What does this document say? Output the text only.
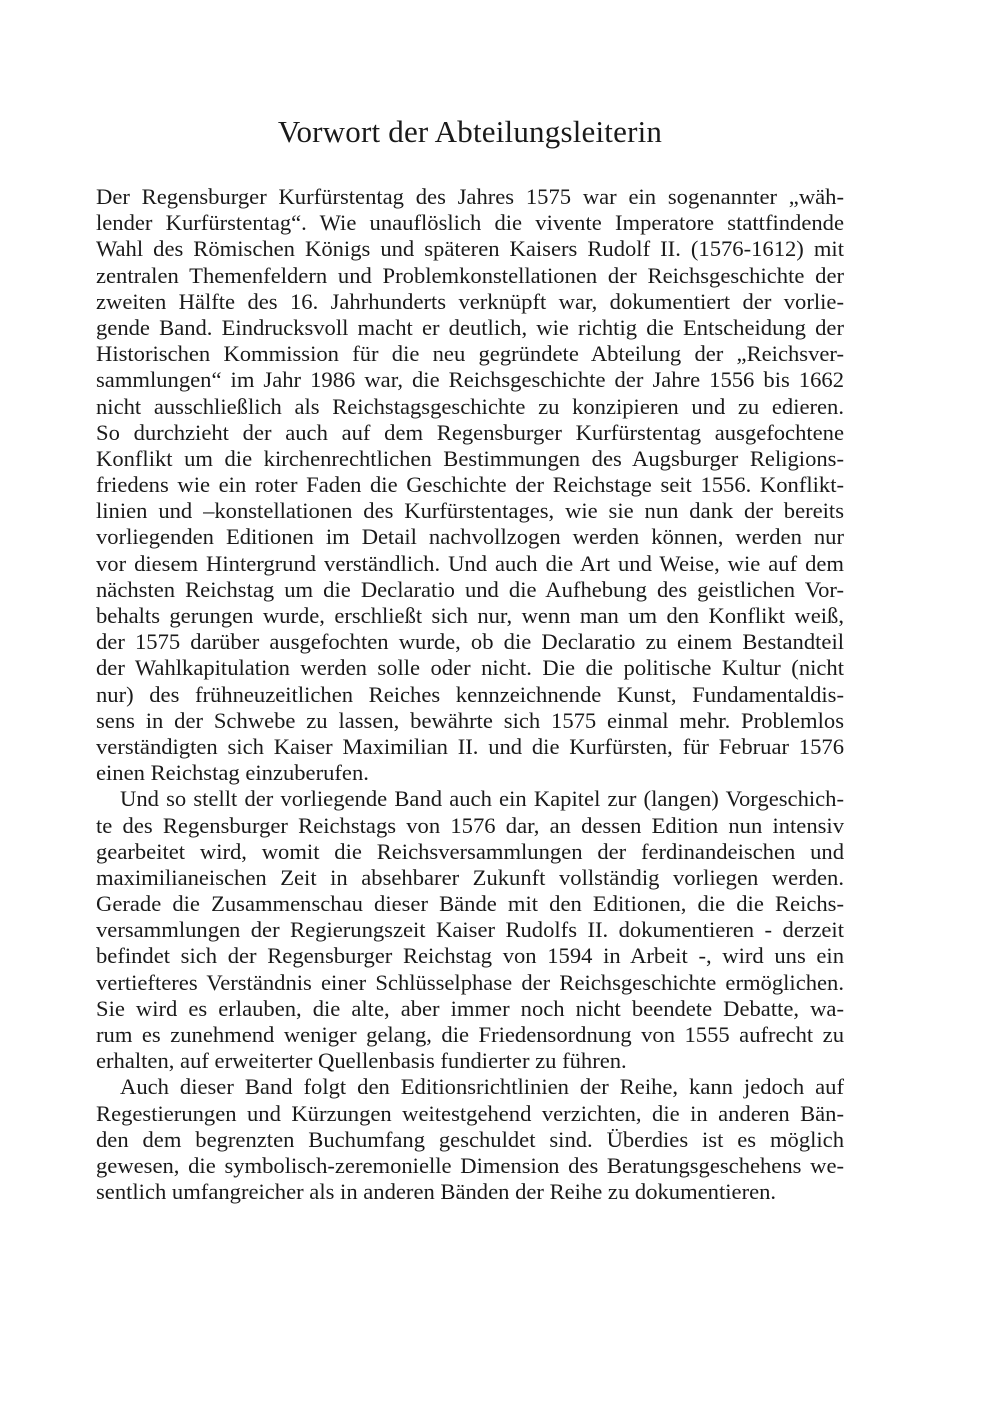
Vorwort der Abteilungsleiterin
Der Regensburger Kurfürstentag des Jahres 1575 war ein sogenannter „wäh-
lender Kurfürstentag“. Wie unauflöslich die vivente Imperatore stattfindende
Wahl des Römischen Königs und späteren Kaisers Rudolf II. (1576-1612) mit
zentralen Themenfeldern und Problemkonstellationen der Reichsgeschichte der
zweiten Hälfte des 16. Jahrhunderts verknüpft war, dokumentiert der vorlie-
gende Band. Eindrucksvoll macht er deutlich, wie richtig die Entscheidung der
Historischen Kommission für die neu gegründete Abteilung der „Reichsver-
sammlungen“ im Jahr 1986 war, die Reichsgeschichte der Jahre 1556 bis 1662
nicht ausschließlich als Reichstagsgeschichte zu konzipieren und zu edieren.
So durchzieht der auch auf dem Regensburger Kurfürstentag ausgefochtene
Konflikt um die kirchenrechtlichen Bestimmungen des Augsburger Religions-
friedens wie ein roter Faden die Geschichte der Reichstage seit 1556. Konflikt-
linien und –konstellationen des Kurfürstentages, wie sie nun dank der bereits
vorliegenden Editionen im Detail nachvollzogen werden können, werden nur
vor diesem Hintergrund verständlich. Und auch die Art und Weise, wie auf dem
nächsten Reichstag um die Declaratio und die Aufhebung des geistlichen Vor-
behalts gerungen wurde, erschließt sich nur, wenn man um den Konflikt weiß,
der 1575 darüber ausgefochten wurde, ob die Declaratio zu einem Bestandteil
der Wahlkapitulation werden solle oder nicht. Die die politische Kultur (nicht
nur) des frühneuzeitlichen Reiches kennzeichnende Kunst, Fundamentaldis-
sens in der Schwebe zu lassen, bewährte sich 1575 einmal mehr. Problemlos
verständigten sich Kaiser Maximilian II. und die Kurfürsten, für Februar 1576
einen Reichstag einzuberufen.
Und so stellt der vorliegende Band auch ein Kapitel zur (langen) Vorgeschich-
te des Regensburger Reichstags von 1576 dar, an dessen Edition nun intensiv
gearbeitet wird, womit die Reichsversammlungen der ferdinandeischen und
maximilianeischen Zeit in absehbarer Zukunft vollständig vorliegen werden.
Gerade die Zusammenschau dieser Bände mit den Editionen, die die Reichs-
versammlungen der Regierungszeit Kaiser Rudolfs II. dokumentieren - derzeit
befindet sich der Regensburger Reichstag von 1594 in Arbeit -, wird uns ein
vertiefteres Verständnis einer Schlüsselphase der Reichsgeschichte ermöglichen.
Sie wird es erlauben, die alte, aber immer noch nicht beendete Debatte, wa-
rum es zunehmend weniger gelang, die Friedensordnung von 1555 aufrecht zu
erhalten, auf erweiterter Quellenbasis fundierter zu führen.
Auch dieser Band folgt den Editionsrichtlinien der Reihe, kann jedoch auf
Regestierungen und Kürzungen weitestgehend verzichten, die in anderen Bän-
den dem begrenzten Buchumfang geschuldet sind. Überdies ist es möglich
gewesen, die symbolisch-zeremonielle Dimension des Beratungsgeschehens we-
sentlich umfangreicher als in anderen Bänden der Reihe zu dokumentieren.
